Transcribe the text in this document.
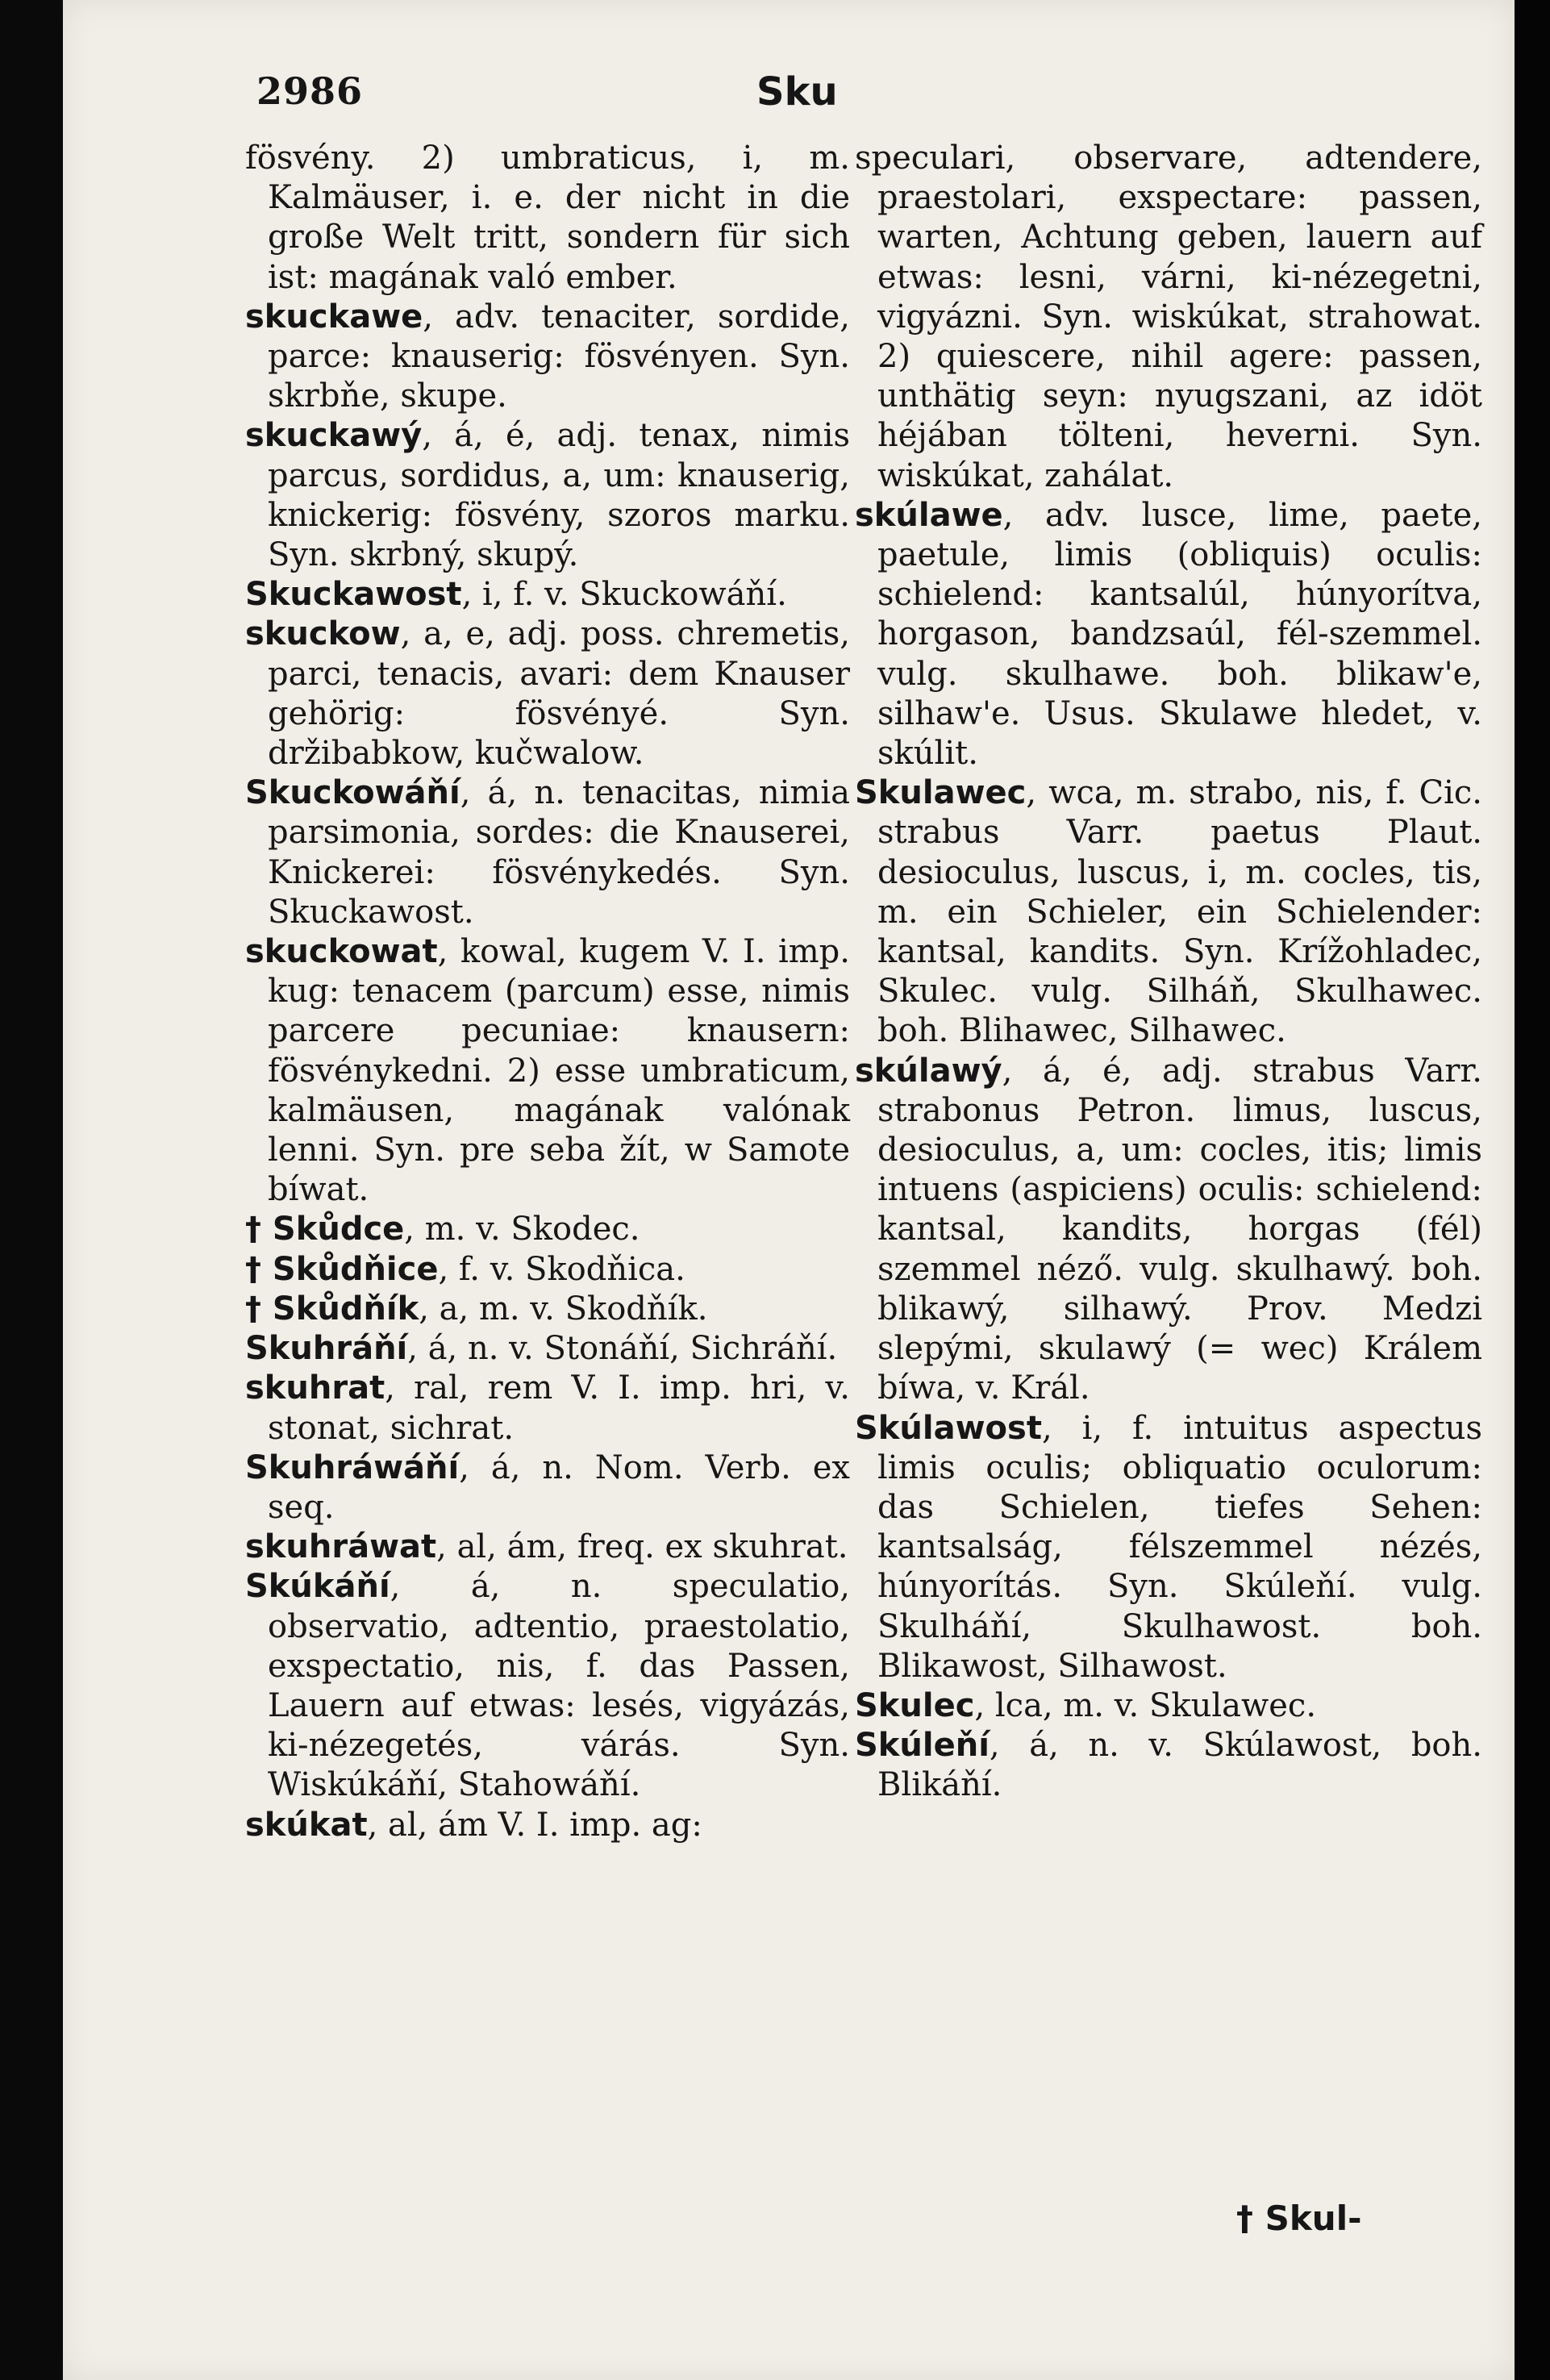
2986	Sku

fösvény. 2) umbraticus, i, m. Kalmäuser, i. e. der nicht in die große Welt tritt, sondern für sich ist: magának való ember.

skuckawe, adv. tenaciter, sordide, parce: knauserig: fösvényen. Syn. skrbňe, skupe.

skuckawý, á, é, adj. tenax, nimis parcus, sordidus, a, um: knauserig, knickerig: fösvény, szoros marku. Syn. skrbný, skupý.

Skuckawost, i, f. v. Skuckowáňí.

skuckow, a, e, adj. poss. chremetis, parci, tenacis, avari: dem Knauser gehörig: fösvényé. Syn. držibabkow, kučwalow.

Skuckowáňí, á, n. tenacitas, nimia parsimonia, sordes: die Knauserei, Knickerei: fösvénykedés. Syn. Skuckawost.

skuckowat, kowal, kugem V. I. imp. kug: tenacem (parcum) esse, nimis parcere pecuniae: knausern: fösvénykedni. 2) esse umbraticum, kalmäusen, magának valónak lenni. Syn. pre seba žít, w Samote bíwat.

† Skůdce, m. v. Skodec.

† Skůdňice, f. v. Skodňica.

† Skůdňík, a, m. v. Skodňík.

Skuhráňí, á, n. v. Stonáňí, Sichráňí.

skuhrat, ral, rem V. I. imp. hri, v. stonat, sichrat.

Skuhráwáňí, á, n. Nom. Verb. ex seq.

skuhráwat, al, ám, freq. ex skuhrat.

Skúkáňí, á, n. speculatio, observatio, adtentio, praestolatio, exspectatio, nis, f. das Passen, Lauern auf etwas: lesés, vigyázás, ki-nézegetés, várás. Syn. Wiskúkáňí, Stahowáňí.

skúkat, al, ám V. I. imp. ag:

speculari, observare, adtendere, praestolari, exspectare: passen, warten, Achtung geben, lauern auf etwas: lesni, várni, ki-nézegetni, vigyázni. Syn. wiskúkat, strahowat. 2) quiescere, nihil agere: passen, unthätig seyn: nyugszani, az idöt héjában tölteni, heverni. Syn. wiskúkat, zahálat.

skúlawe, adv. lusce, lime, paete, paetule, limis (obliquis) oculis: schielend: kantsalúl, húnyorítva, horgason, bandzsaúl, fél-szemmel. vulg. skulhawe. boh. blikaw'e, silhaw'e. Usus. Skulawe hledet, v. skúlit.

Skulawec, wca, m. strabo, nis, f. Cic. strabus Varr. paetus Plaut. desioculus, luscus, i, m. cocles, tis, m. ein Schieler, ein Schielender: kantsal, kandits. Syn. Krížohladec, Skulec. vulg. Silháň, Skulhawec. boh. Blihawec, Silhawec.

skúlawý, á, é, adj. strabus Varr. strabonus Petron. limus, luscus, desioculus, a, um: cocles, itis; limis intuens (aspiciens) oculis: schielend: kantsal, kandits, horgas (fél) szemmel néző. vulg. skulhawý. boh. blikawý, silhawý. Prov. Medzi slepými, skulawý (= wec) Králem bíwa, v. Král.

Skúlawost, i, f. intuitus aspectus limis oculis; obliquatio oculorum: das Schielen, tiefes Sehen: kantsalság, félszemmel nézés, húnyorítás. Syn. Skúleňí. vulg. Skulháňí, Skulhawost. boh. Blikawost, Silhawost.

Skulec, lca, m. v. Skulawec.

Skúleňí, á, n. v. Skúlawost, boh. Blikáňí.

† Skul-
